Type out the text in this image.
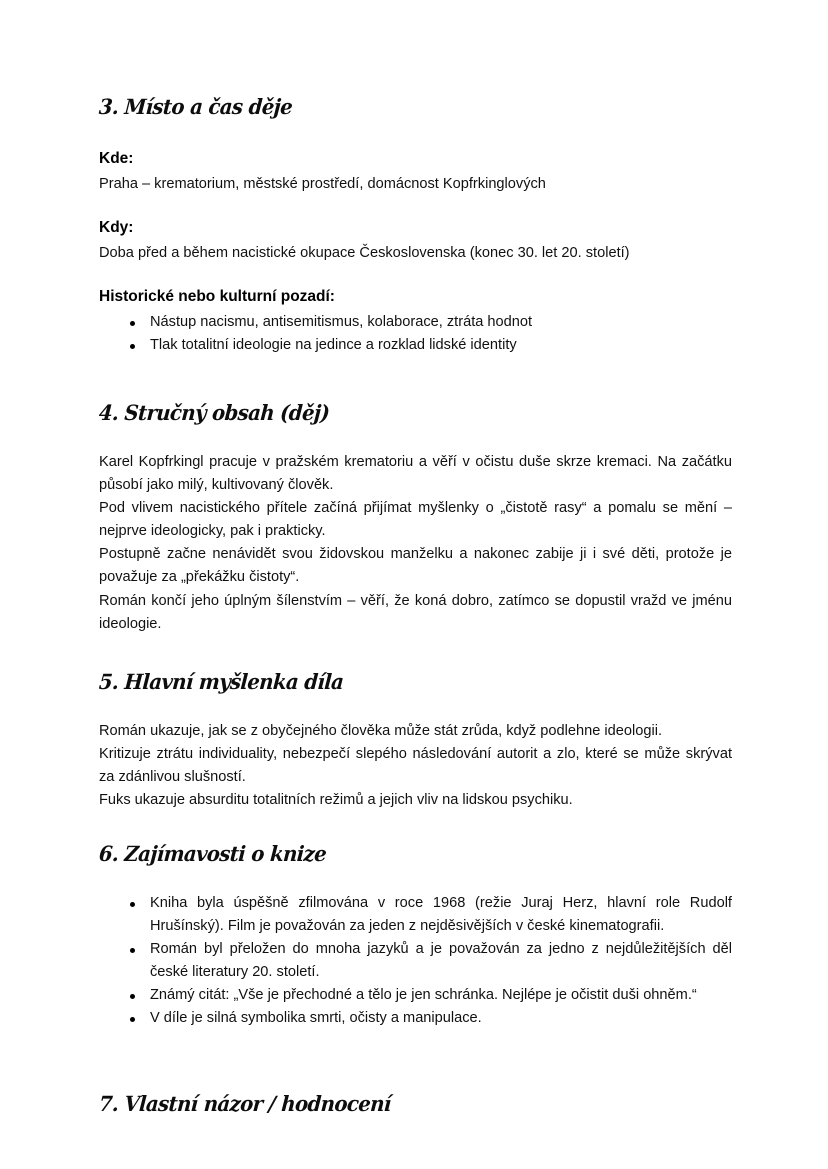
3. Místo a čas děje
Kde:
Praha – krematorium, městské prostředí, domácnost Kopfrkinglových
Kdy:
Doba před a během nacistické okupace Československa (konec 30. let 20. století)
Historické nebo kulturní pozadí:
Nástup nacismu, antisemitismus, kolaborace, ztráta hodnot
Tlak totalitní ideologie na jedince a rozklad lidské identity
4. Stručný obsah (děj)
Karel Kopfrkingl pracuje v pražském krematoriu a věří v očistu duše skrze kremaci. Na začátku působí jako milý, kultivovaný člověk.
Pod vlivem nacistického přítele začíná přijímat myšlenky o „čistotě rasy“ a pomalu se mění – nejprve ideologicky, pak i prakticky.
Postupně začne nenávidět svou židovskou manželku a nakonec zabije ji i své děti, protože je považuje za „překážku čistoty“.
Román končí jeho úplným šílenstvím – věří, že koná dobro, zatímco se dopustil vražd ve jménu ideologie.
5. Hlavní myšlenka díla
Román ukazuje, jak se z obyčejného člověka může stát zrůda, když podlehne ideologii.
Kritizuje ztrátu individuality, nebezpečí slepého následování autorit a zlo, které se může skrývat za zdánlivou slušností.
Fuks ukazuje absurditu totalitních režimů a jejich vliv na lidskou psychiku.
6. Zajímavosti o knize
Kniha byla úspěšně zfilmována v roce 1968 (režie Juraj Herz, hlavní role Rudolf Hrušínský). Film je považován za jeden z nejděsivějších v české kinematografii.
Román byl přeložen do mnoha jazyků a je považován za jedno z nejdůležitějších děl české literatury 20. století.
Známý citát: „Vše je přechodné a tělo je jen schránka. Nejlépe je očistit duši ohněm.“
V díle je silná symbolika smrti, očisty a manipulace.
7. Vlastní názor / hodnocení
